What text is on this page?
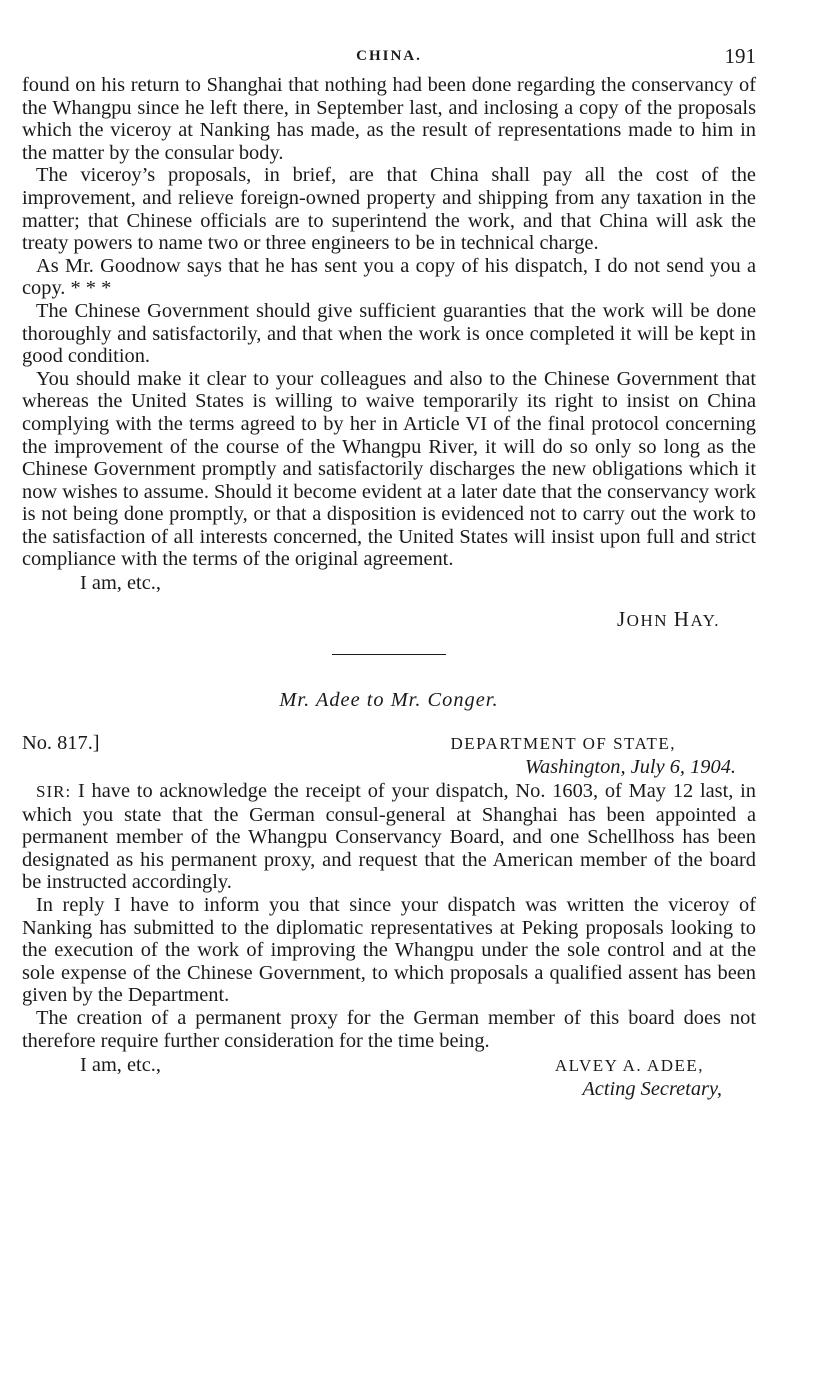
CHINA.	191

found on his return to Shanghai that nothing had been done regarding the conservancy of the Whangpu since he left there, in September last, and inclosing a copy of the proposals which the viceroy at Nanking has made, as the result of representations made to him in the matter by the consular body.

The viceroy’s proposals, in brief, are that China shall pay all the cost of the improvement, and relieve foreign-owned property and shipping from any taxation in the matter; that Chinese officials are to superintend the work, and that China will ask the treaty powers to name two or three engineers to be in technical charge.

As Mr. Goodnow says that he has sent you a copy of his dispatch, I do not send you a copy. * * *

The Chinese Government should give sufficient guaranties that the work will be done thoroughly and satisfactorily, and that when the work is once completed it will be kept in good condition.

You should make it clear to your colleagues and also to the Chinese Government that whereas the United States is willing to waive temporarily its right to insist on China complying with the terms agreed to by her in Article VI of the final protocol concerning the improvement of the course of the Whangpu River, it will do so only so long as the Chinese Government promptly and satisfactorily discharges the new obligations which it now wishes to assume. Should it become evident at a later date that the conservancy work is not being done promptly, or that a disposition is evidenced not to carry out the work to the satisfaction of all interests concerned, the United States will insist upon full and strict compliance with the terms of the original agreement.

I am, etc.,

JOHN HAY.
Mr. Adee to Mr. Conger.
No. 817.]	DEPARTMENT OF STATE,
Washington, July 6, 1904.

SIR: I have to acknowledge the receipt of your dispatch, No. 1603, of May 12 last, in which you state that the German consul-general at Shanghai has been appointed a permanent member of the Whangpu Conservancy Board, and one Schellhoss has been designated as his permanent proxy, and request that the American member of the board be instructed accordingly.

In reply I have to inform you that since your dispatch was written the viceroy of Nanking has submitted to the diplomatic representatives at Peking proposals looking to the execution of the work of improving the Whangpu under the sole control and at the sole expense of the Chinese Government, to which proposals a qualified assent has been given by the Department.

The creation of a permanent proxy for the German member of this board does not therefore require further consideration for the time being.

I am, etc.,	ALVEY A. ADEE,
Acting Secretary,
